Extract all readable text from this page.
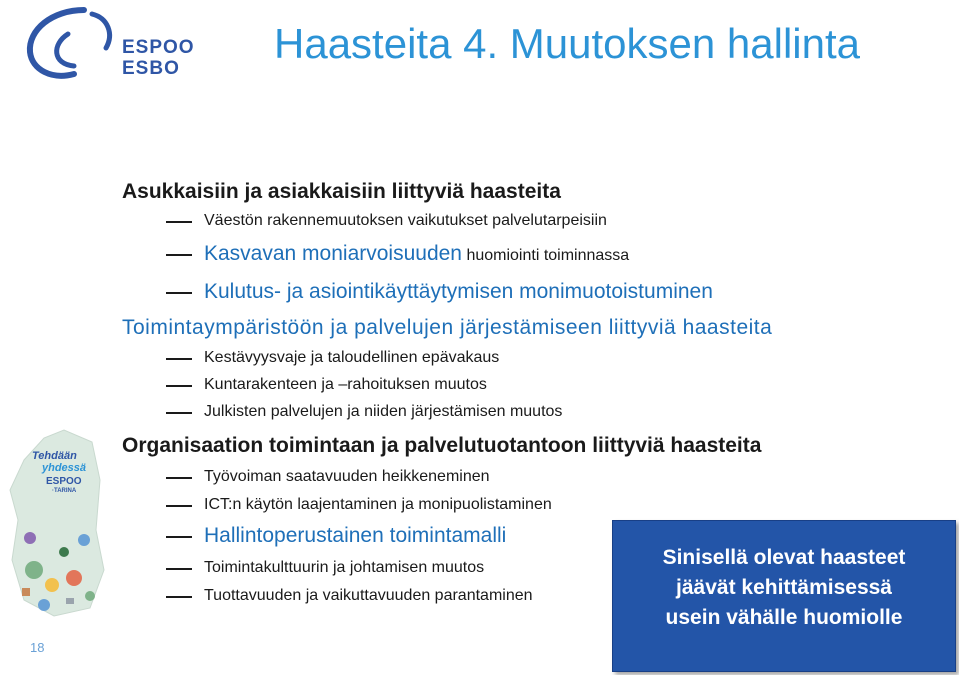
ESPOO
ESBO
Haasteita 4. Muutoksen hallinta
Asukkaisiin ja asiakkaisiin liittyviä haasteita
Väestön rakennemuutoksen vaikutukset palvelutarpeisiin
Kasvavan moniarvoisuuden huomiointi toiminnassa
Kulutus- ja asiointikäyttäytymisen monimuotoistuminen
Toimintaympäristöön ja palvelujen järjestämiseen liittyviä haasteita
Kestävyysvaje ja taloudellinen epävakaus
Kuntarakenteen ja –rahoituksen muutos
Julkisten palvelujen ja niiden järjestämisen muutos
Organisaation toimintaan ja palvelutuotantoon liittyviä haasteita
Työvoiman saatavuuden heikkeneminen
ICT:n käytön laajentaminen ja monipuolistaminen
Hallintoperustainen toimintamalli
Toimintakulttuurin ja johtamisen muutos
Tuottavuuden ja vaikuttavuuden parantaminen
Tehdään
yhdessä
ESPOO
·TARINA
18
Sinisellä olevat haasteet
jäävät kehittämisessä
usein vähälle huomiolle
